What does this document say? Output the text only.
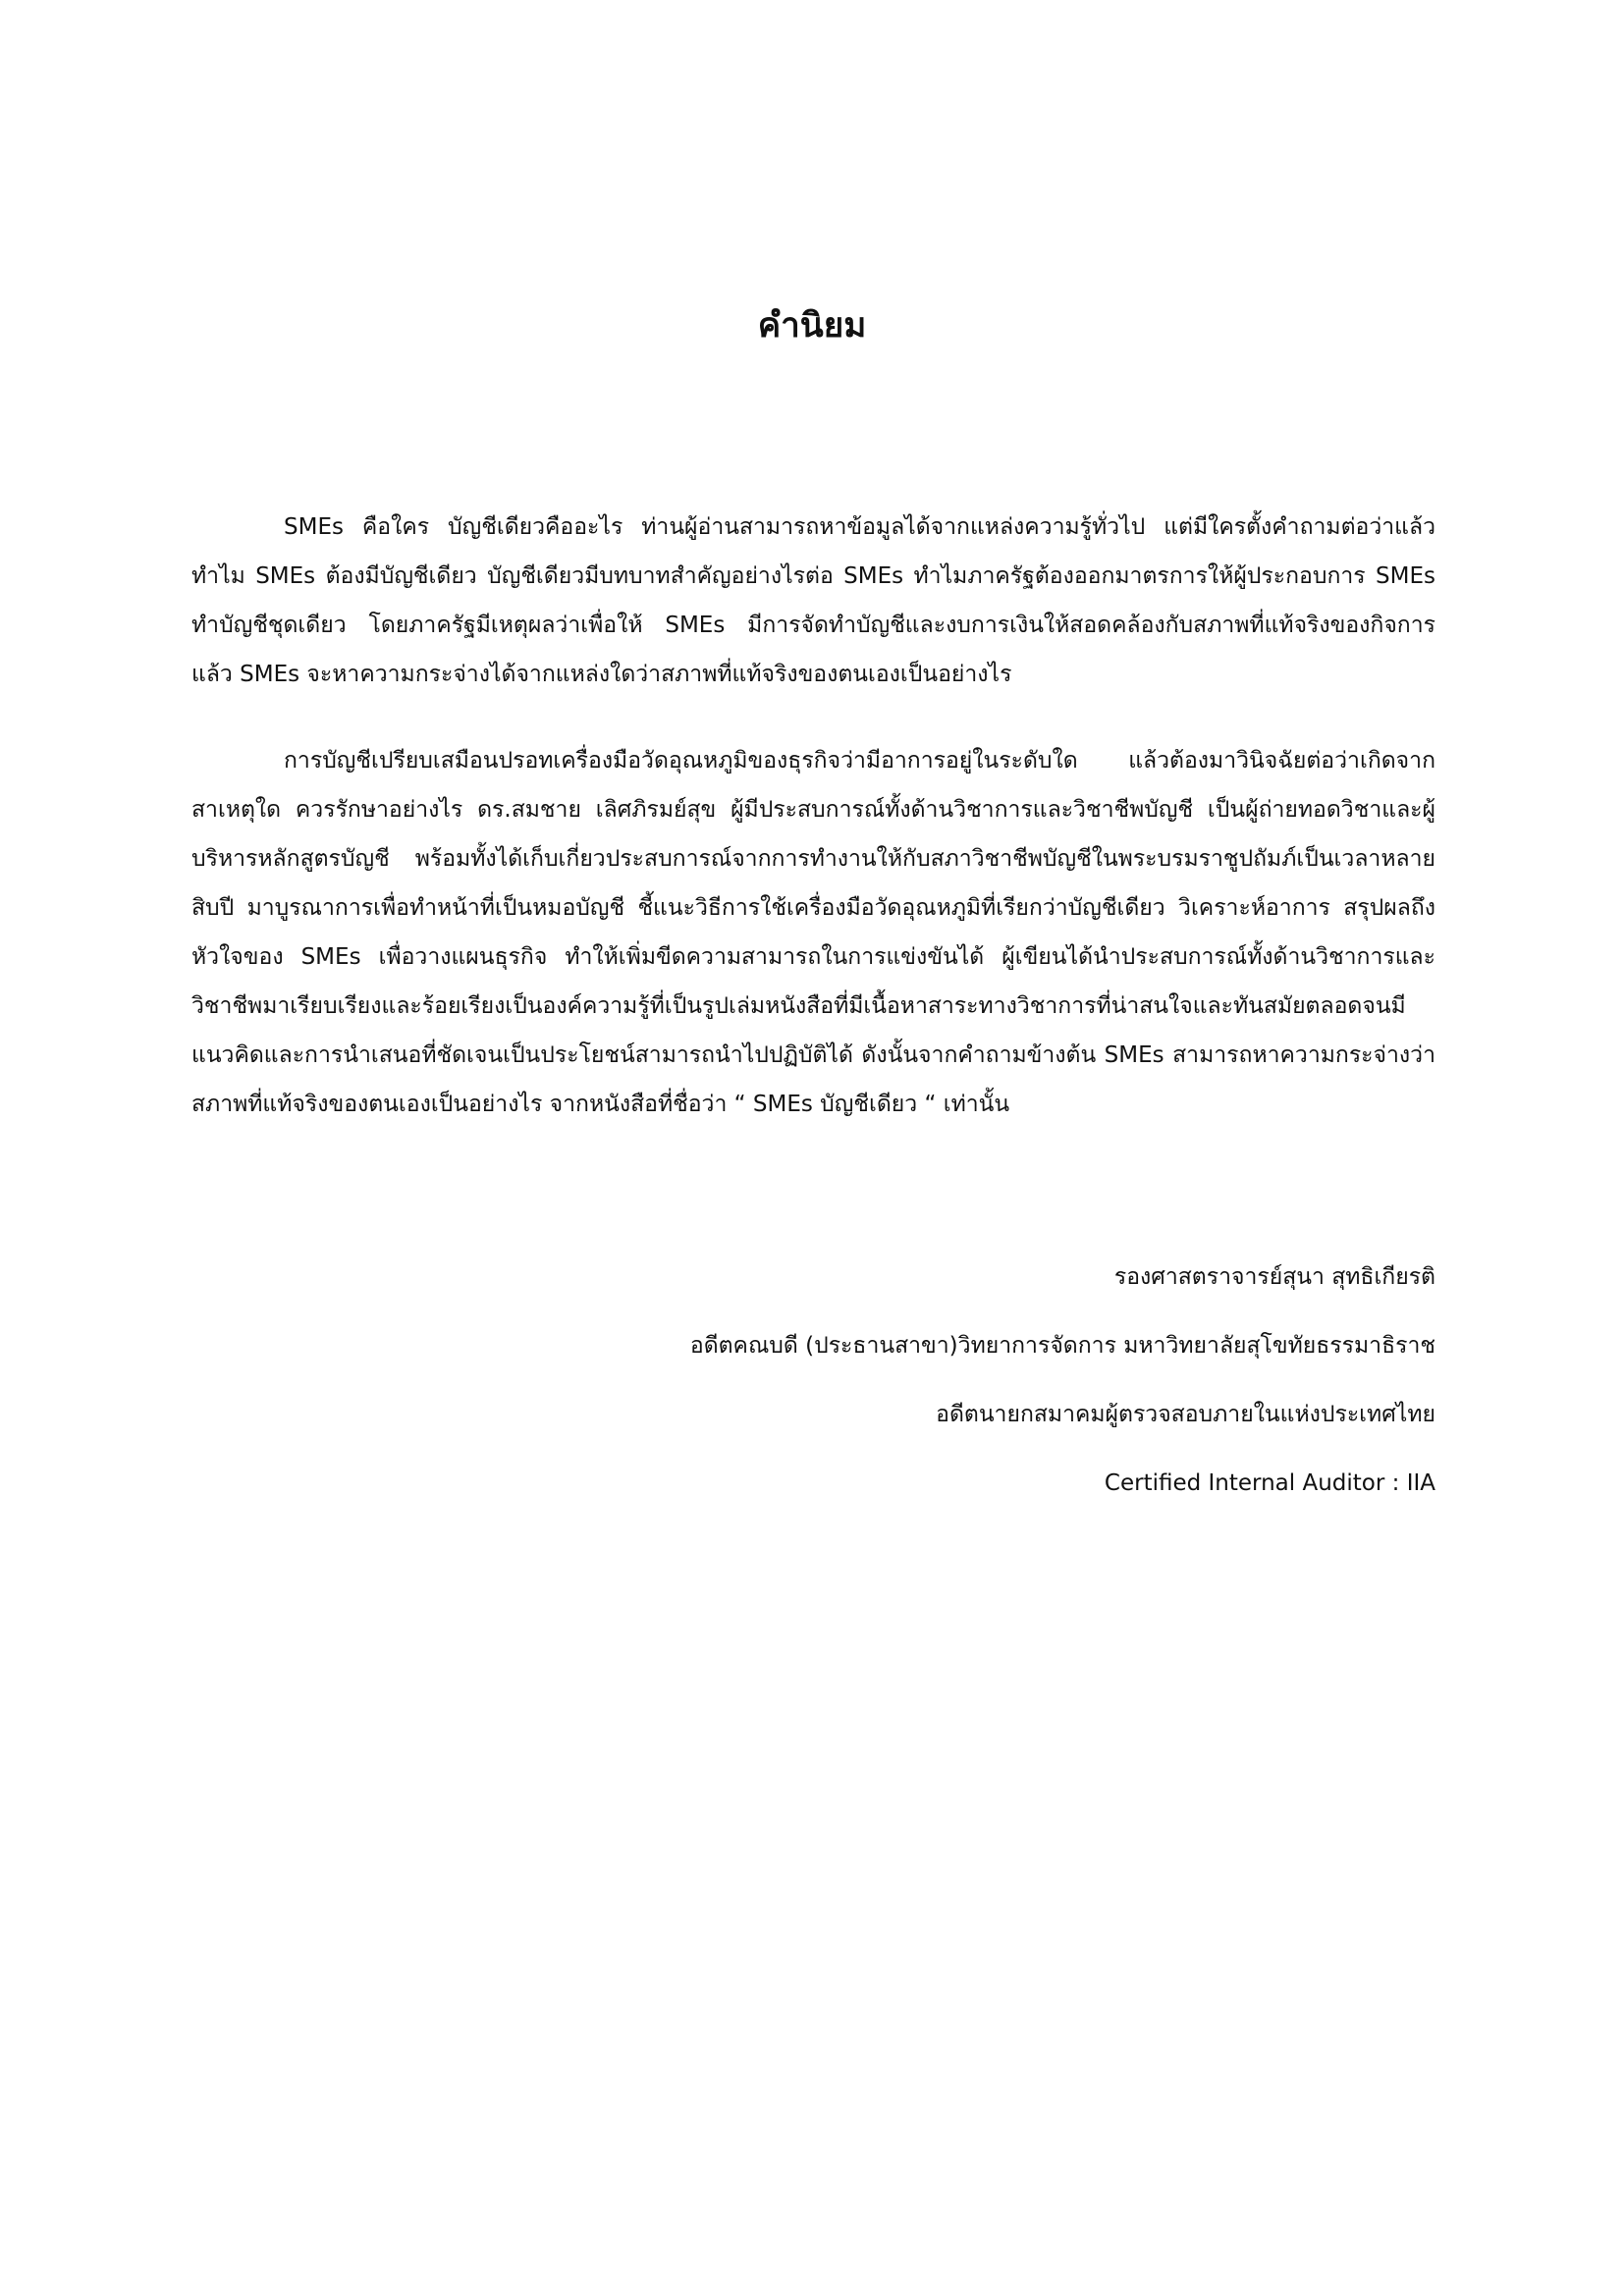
คำนิยม

SMEs คือใคร บัญชีเดียวคืออะไร ท่านผู้อ่านสามารถหาข้อมูลได้จากแหล่งความรู้ทั่วไป แต่มีใครตั้งคำถามต่อว่าแล้วทำไม SMEs ต้องมีบัญชีเดียว บัญชีเดียวมีบทบาทสำคัญอย่างไรต่อ SMEs ทำไมภาครัฐต้องออกมาตรการให้ผู้ประกอบการ SMEs ทำบัญชีชุดเดียว โดยภาครัฐมีเหตุผลว่าเพื่อให้ SMEs มีการจัดทำบัญชีและงบการเงินให้สอดคล้องกับสภาพที่แท้จริงของกิจการ แล้ว SMEs จะหาความกระจ่างได้จากแหล่งใดว่าสภาพที่แท้จริงของตนเองเป็นอย่างไร

การบัญชีเปรียบเสมือนปรอทเครื่องมือวัดอุณหภูมิของธุรกิจว่ามีอาการอยู่ในระดับใด แล้วต้องมาวินิจฉัยต่อว่าเกิดจากสาเหตุใด ควรรักษาอย่างไร ดร.สมชาย เลิศภิรมย์สุข ผู้มีประสบการณ์ทั้งด้านวิชาการและวิชาชีพบัญชี เป็นผู้ถ่ายทอดวิชาและผู้บริหารหลักสูตรบัญชี พร้อมทั้งได้เก็บเกี่ยวประสบการณ์จากการทำงานให้กับสภาวิชาชีพบัญชีในพระบรมราชูปถัมภ์เป็นเวลาหลายสิบปี มาบูรณาการเพื่อทำหน้าที่เป็นหมอบัญชี ชี้แนะวิธีการใช้เครื่องมือวัดอุณหภูมิที่เรียกว่าบัญชีเดียว วิเคราะห์อาการ สรุปผลถึงหัวใจของ SMEs เพื่อวางแผนธุรกิจ ทำให้เพิ่มขีดความสามารถในการแข่งขันได้ ผู้เขียนได้นำประสบการณ์ทั้งด้านวิชาการและวิชาชีพมาเรียบเรียงและร้อยเรียงเป็นองค์ความรู้ที่เป็นรูปเล่มหนังสือที่มีเนื้อหาสาระทางวิชาการที่น่าสนใจและทันสมัยตลอดจนมีแนวคิดและการนำเสนอที่ชัดเจนเป็นประโยชน์สามารถนำไปปฏิบัติได้ ดังนั้นจากคำถามข้างต้น SMEs สามารถหาความกระจ่างว่าสภาพที่แท้จริงของตนเองเป็นอย่างไร จากหนังสือที่ชื่อว่า “ SMEs บัญชีเดียว “ เท่านั้น

รองศาสตราจารย์สุนา สุทธิเกียรติ
อดีตคณบดี (ประธานสาขา)วิทยาการจัดการ มหาวิทยาลัยสุโขทัยธรรมาธิราช
อดีตนายกสมาคมผู้ตรวจสอบภายในแห่งประเทศไทย
Certified Internal Auditor : IIA
